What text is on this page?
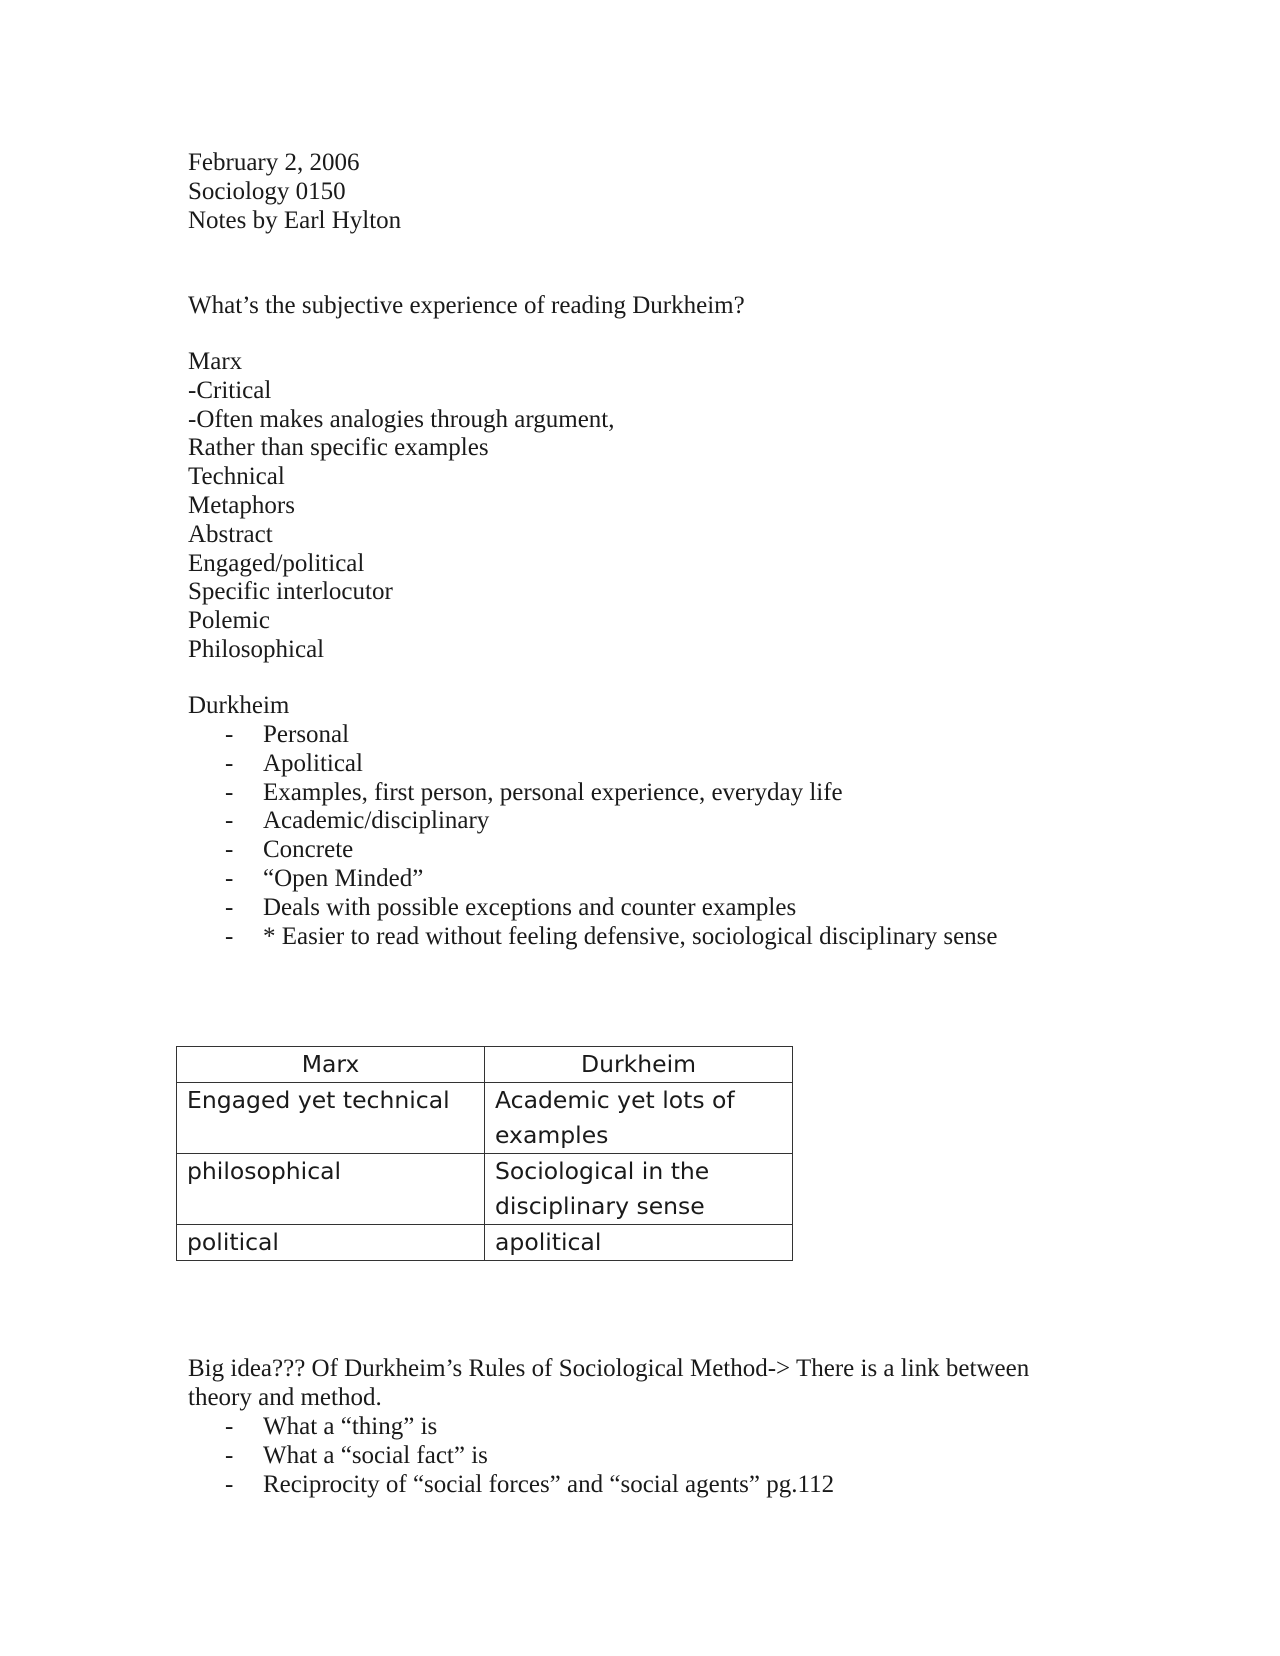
February 2, 2006
Sociology 0150
Notes by Earl Hylton
What’s the subjective experience of reading Durkheim?
Marx
-Critical
-Often makes analogies through argument,
Rather than specific examples
Technical
Metaphors
Abstract
Engaged/political
Specific interlocutor
Polemic
Philosophical
Durkheim
- Personal
- Apolitical
- Examples, first person, personal experience, everyday life
- Academic/disciplinary
- Concrete
- “Open Minded”
- Deals with possible exceptions and counter examples
- * Easier to read without feeling defensive, sociological disciplinary sense
Marx	Durkheim
Engaged yet technical	Academic yet lots of examples
philosophical	Sociological in the disciplinary sense
political	apolitical
Big idea??? Of Durkheim’s Rules of Sociological Method-> There is a link between
theory and method.
- What a “thing” is
- What a “social fact” is
- Reciprocity of “social forces” and “social agents” pg.112
